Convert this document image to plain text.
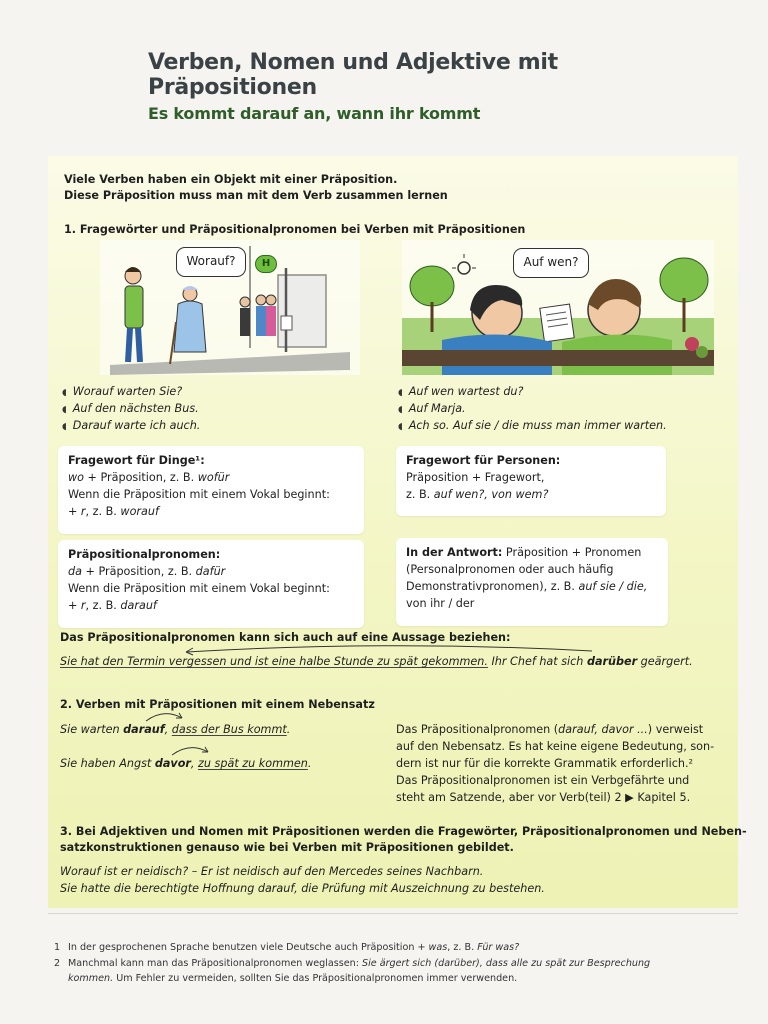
Verben, Nomen und Adjektive mit
Präpositionen
Es kommt darauf an, wann ihr kommt
Viele Verben haben ein Objekt mit einer Präposition.
Diese Präposition muss man mit dem Verb zusammen lernen
1. Fragewörter und Präpositionalpronomen bei Verben mit Präpositionen
Worauf?	H	Auf wen?
◖ Worauf warten Sie?
◖ Auf den nächsten Bus.
◖ Darauf warte ich auch.
◖ Auf wen wartest du?
◖ Auf Marja.
◖ Ach so. Auf sie / die muss man immer warten.
Fragewort für Dinge¹:
wo + Präposition, z. B. wofür
Wenn die Präposition mit einem Vokal beginnt:
+ r, z. B. worauf
Fragewort für Personen:
Präposition + Fragewort,
z. B. auf wen?, von wem?
Präpositionalpronomen:
da + Präposition, z. B. dafür
Wenn die Präposition mit einem Vokal beginnt:
+ r, z. B. darauf
In der Antwort: Präposition + Pronomen
(Personalpronomen oder auch häufig
Demonstrativpronomen), z. B. auf sie / die,
von ihr / der
Das Präpositionalpronomen kann sich auch auf eine Aussage beziehen:
Sie hat den Termin vergessen und ist eine halbe Stunde zu spät gekommen. Ihr Chef hat sich darüber geärgert.
2. Verben mit Präpositionen mit einem Nebensatz
Sie warten darauf, dass der Bus kommt.
Sie haben Angst davor, zu spät zu kommen.
Das Präpositionalpronomen (darauf, davor ...) verweist
auf den Nebensatz. Es hat keine eigene Bedeutung, son-
dern ist nur für die korrekte Grammatik erforderlich.²
Das Präpositionalpronomen ist ein Verbgefährte und
steht am Satzende, aber vor Verb(teil) 2 ▶ Kapitel 5.
3. Bei Adjektiven und Nomen mit Präpositionen werden die Fragewörter, Präpositionalpronomen und Neben-
satzkonstruktionen genauso wie bei Verben mit Präpositionen gebildet.
Worauf ist er neidisch? – Er ist neidisch auf den Mercedes seines Nachbarn.
Sie hatte die berechtigte Hoffnung darauf, die Prüfung mit Auszeichnung zu bestehen.
1 In der gesprochenen Sprache benutzen viele Deutsche auch Präposition + was, z. B. Für was?
2 Manchmal kann man das Präpositionalpronomen weglassen: Sie ärgert sich (darüber), dass alle zu spät zur Besprechung
kommen. Um Fehler zu vermeiden, sollten Sie das Präpositionalpronomen immer verwenden.
